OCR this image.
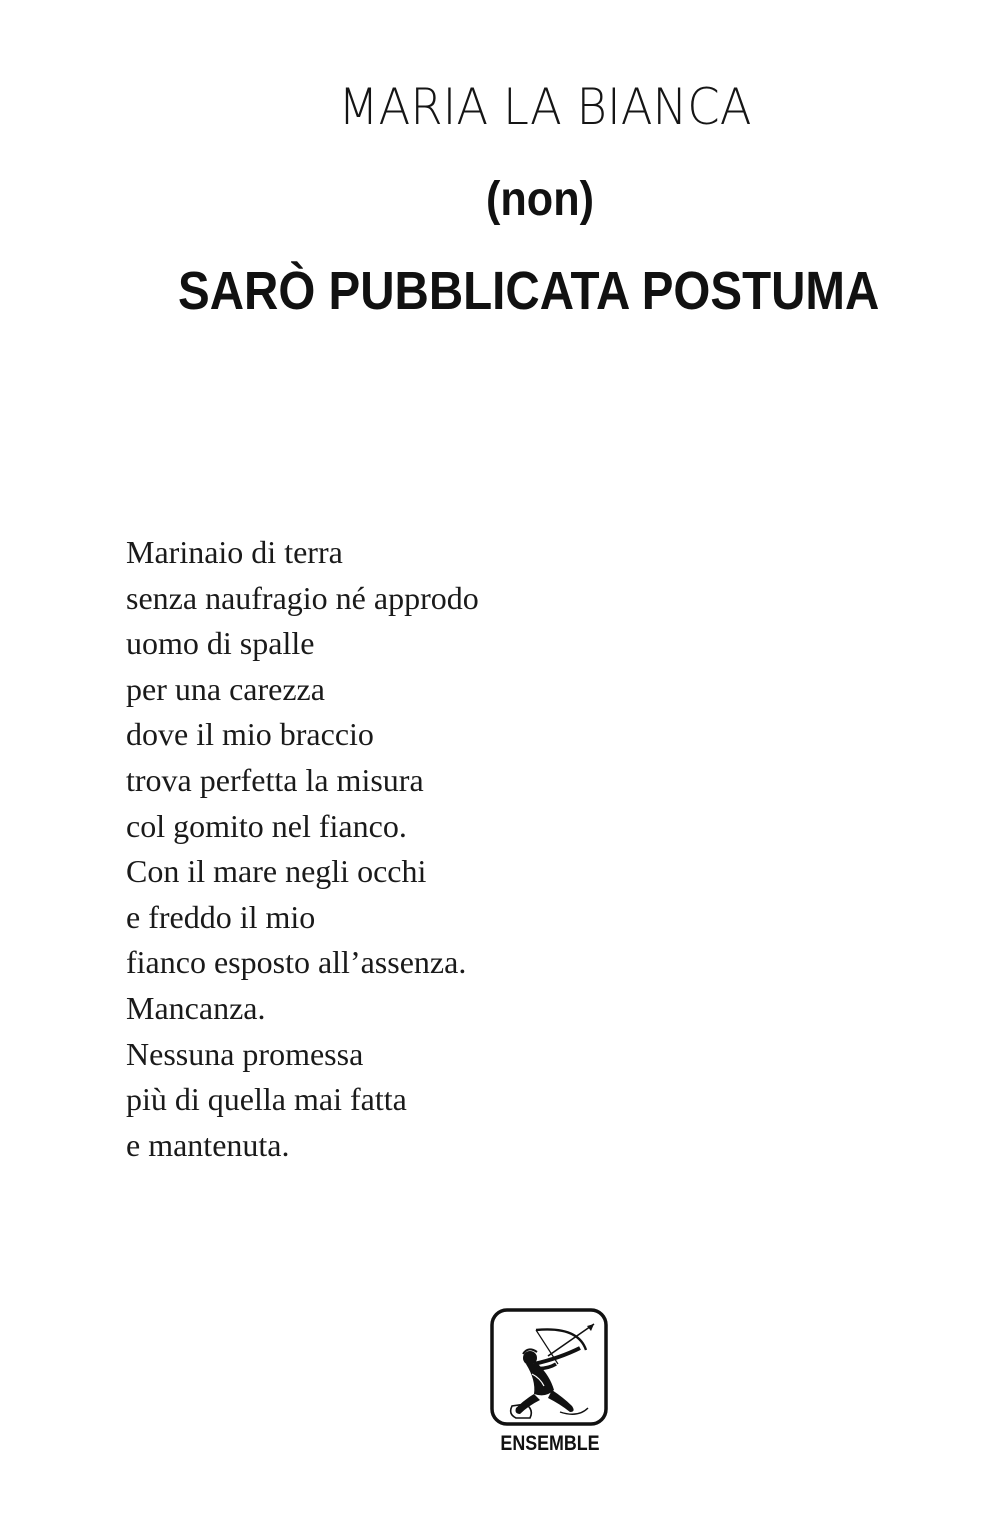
MARIA LA BIANCA
(non)
SARÒ PUBBLICATA POSTUMA
Marinaio di terra
senza naufragio né approdo
uomo di spalle
per una carezza
dove il mio braccio
trova perfetta la misura
col gomito nel fianco.
Con il mare negli occhi
e freddo il mio
fianco esposto all’assenza.
Mancanza.
Nessuna promessa
più di quella mai fatta
e mantenuta.
ENSEMBLE
